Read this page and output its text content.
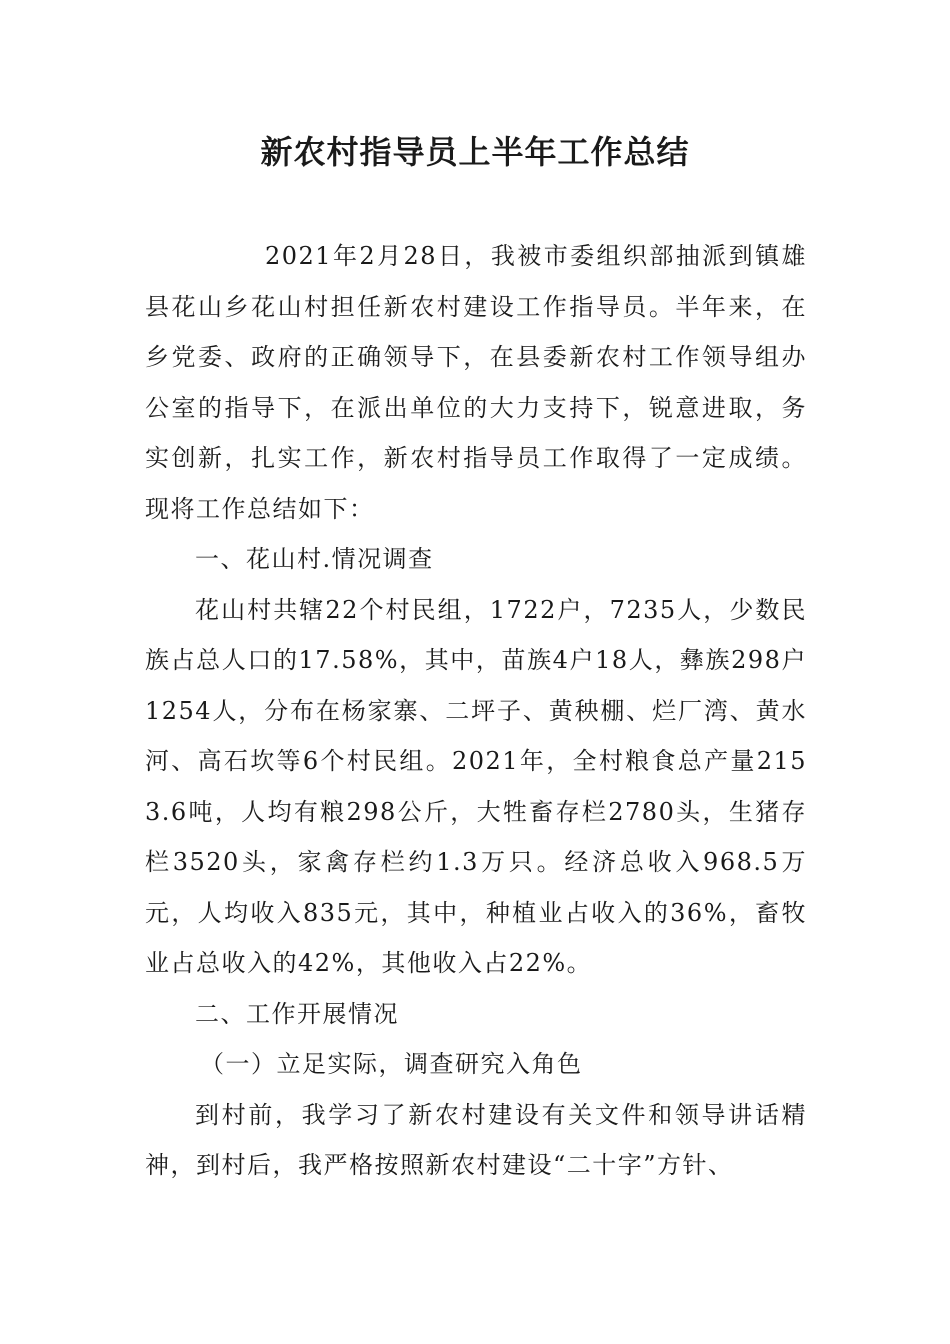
新农村指导员上半年工作总结

2021年2月28日，我被市委组织部抽派到镇雄县花山乡花山村担任新农村建设工作指导员。半年来，在乡党委、政府的正确领导下，在县委新农村工作领导组办公室的指导下，在派出单位的大力支持下，锐意进取，务实创新，扎实工作，新农村指导员工作取得了一定成绩。现将工作总结如下：

一、花山村.情况调查

花山村共辖22个村民组，1722户，7235人，少数民族占总人口的17.58%，其中，苗族4户18人，彝族298户1254人，分布在杨家寨、二坪子、黄秧棚、烂厂湾、黄水河、高石坎等6个村民组。2021年，全村粮食总产量2153.6吨，人均有粮298公斤，大牲畜存栏2780头，生猪存栏3520头，家禽存栏约1.3万只。经济总收入968.5万元，人均收入835元，其中，种植业占收入的36%，畜牧业占总收入的42%，其他收入占22%。

二、工作开展情况

（一）立足实际，调查研究入角色

到村前，我学习了新农村建设有关文件和领导讲话精神，到村后，我严格按照新农村建设“二十字”方针、
